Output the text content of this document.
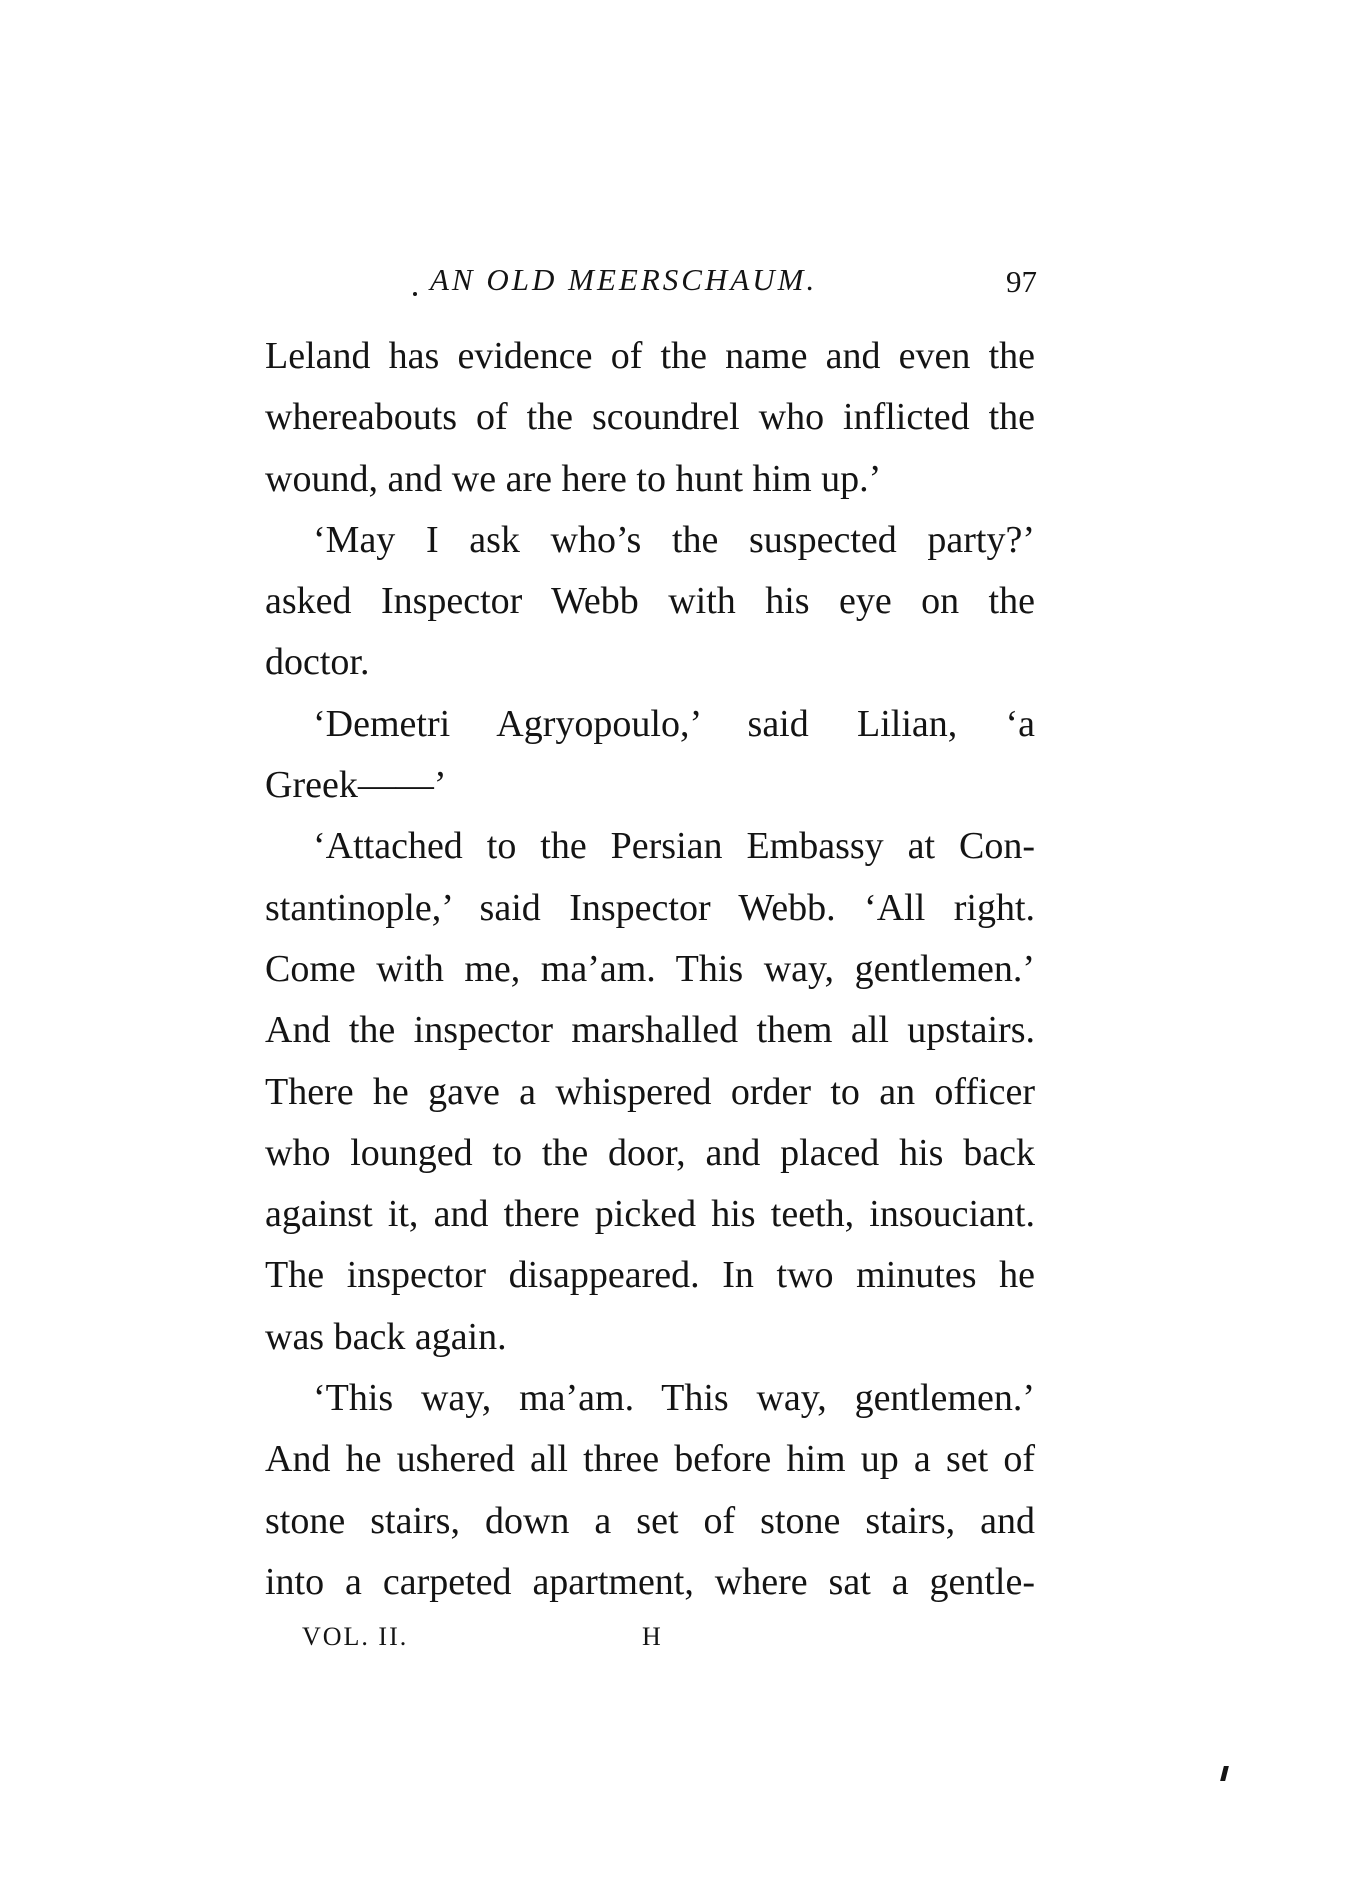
AN OLD MEERSCHAUM.	97
Leland has evidence of the name and even the
whereabouts of the scoundrel who inflicted the
wound, and we are here to hunt him up.’
‘May I ask who’s the suspected party?’
asked Inspector Webb with his eye on the
doctor.
‘Demetri Agryopoulo,’ said Lilian, ‘a
Greek——’
‘Attached to the Persian Embassy at Con-
stantinople,’ said Inspector Webb. ‘All right.
Come with me, ma’am. This way, gentlemen.’
And the inspector marshalled them all upstairs.
There he gave a whispered order to an officer
who lounged to the door, and placed his back
against it, and there picked his teeth, insouciant.
The inspector disappeared. In two minutes he
was back again.
‘This way, ma’am. This way, gentlemen.’
And he ushered all three before him up a set of
stone stairs, down a set of stone stairs, and
into a carpeted apartment, where sat a gentle-
VOL. II.	H
